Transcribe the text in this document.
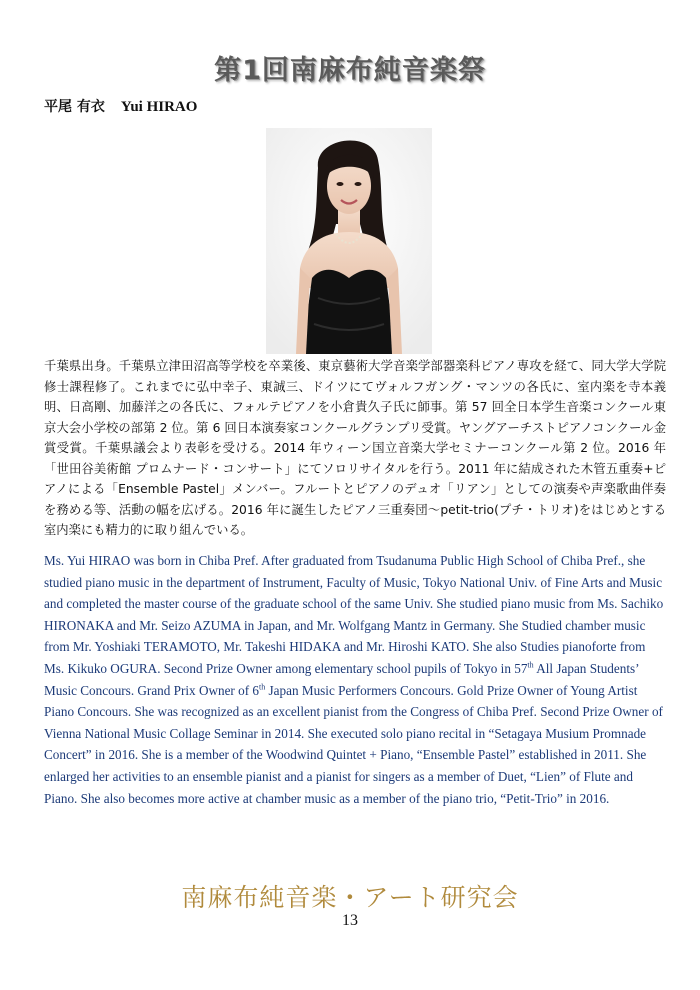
第1回南麻布純音楽祭
平尾 有衣 Yui HIRAO

千葉県出身。千葉県立津田沼高等学校を卒業後、東京藝術大学音楽学部器楽科ピアノ専攻を経て、同大学大学院修士課程修了。これまでに弘中幸子、東誠三、ドイツにてヴォルフガング・マンツの各氏に、室内楽を寺本義明、日高剛、加藤洋之の各氏に、フォルテピアノを小倉貴久子氏に師事。第 57 回全日本学生音楽コンクール東京大会小学校の部第 2 位。第 6 回日本演奏家コンクールグランプリ受賞。ヤングアーチストピアノコンクール金賞受賞。千葉県議会より表彰を受ける。2014 年ウィーン国立音楽大学セミナーコンクール第 2 位。2016 年「世田谷美術館 プロムナード・コンサート」にてソロリサイタルを行う。2011 年に結成された木管五重奏+ピアノによる「Ensemble Pastel」メンバー。フルートとピアノのデュオ「リアン」としての演奏や声楽歌曲伴奏を務める等、活動の幅を広げる。2016 年に誕生したピアノ三重奏団～petit-trio(プチ・トリオ)をはじめとする室内楽にも精力的に取り組んでいる。

Ms. Yui HIRAO was born in Chiba Pref. After graduated from Tsudanuma Public High School of Chiba Pref., she studied piano music in the department of Instrument, Faculty of Music, Tokyo National Univ. of Fine Arts and Music and completed the master course of the graduate school of the same Univ. She studied piano music from Ms. Sachiko HIRONAKA and Mr. Seizo AZUMA in Japan, and Mr. Wolfgang Mantz in Germany. She Studied chamber music from Mr. Yoshiaki TERAMOTO, Mr. Takeshi HIDAKA and Mr. Hiroshi KATO. She also Studies pianoforte from Ms. Kikuko OGURA. Second Prize Owner among elementary school pupils of Tokyo in 57th All Japan Students’ Music Concours. Grand Prix Owner of 6th Japan Music Performers Concours. Gold Prize Owner of Young Artist Piano Concours. She was recognized as an excellent pianist from the Congress of Chiba Pref. Second Prize Owner of Vienna National Music Collage Seminar in 2014. She executed solo piano recital in “Setagaya Musium Promnade Concert” in 2016. She is a member of the Woodwind Quintet + Piano, “Ensemble Pastel” established in 2011. She enlarged her activities to an ensemble pianist and a pianist for singers as a member of Duet, “Lien” of Flute and Piano. She also becomes more active at chamber music as a member of the piano trio, “Petit-Trio” in 2016.

南麻布純音楽・アート研究会
13
